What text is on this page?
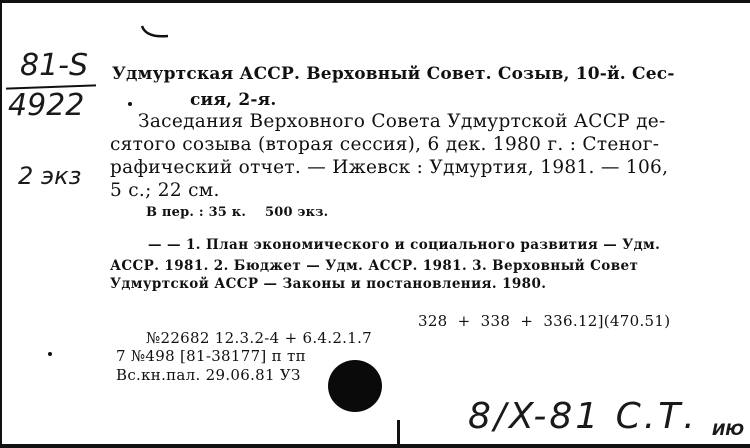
81-S
4922
2 экз
Удмуртская АССР. Верховный Совет. Созыв, 10-й. Сес-
сия, 2-я.
Заседания Верховного Совета Удмуртской АССР де-
сятого созыва (вторая сессия), 6 дек. 1980 г. : Стеног-
рафический отчет. — Ижевск : Удмуртия, 1981. — 106,
5 с.; 22 см.
В пер. : 35 к.    500 экз.
— — 1. План экономического и социального развития — Удм.
АССР. 1981. 2. Бюджет — Удм. АССР. 1981. 3. Верховный Совет
Удмуртской АССР — Законы и постановления. 1980.
328  +  338  +  336.12](470.51)
№22682 12.3.2-4 + 6.4.2.1.7
7 №498 [81-38177] п тп
Вс.кн.пал. 29.06.81 УЗ
8/X-81 С.Т. ИЮ
